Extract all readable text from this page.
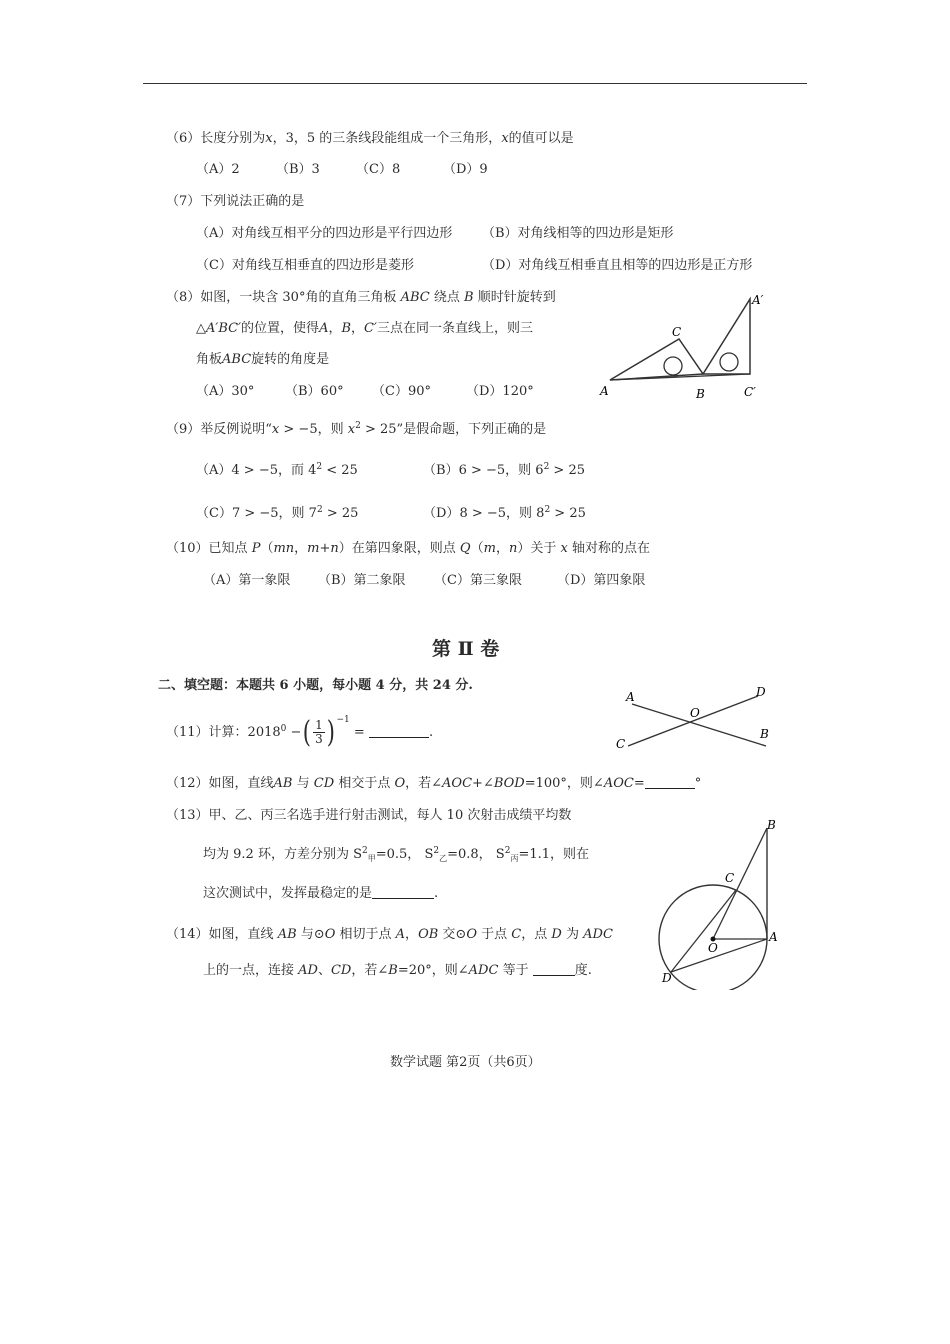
（6）长度分别为x，3，5 的三条线段能组成一个三角形，x的值可以是
（A）2	（B）3	（C）8	（D）9
（7）下列说法正确的是
（A）对角线互相平分的四边形是平行四边形 （B）对角线相等的四边形是矩形
（C）对角线互相垂直的四边形是菱形	（D）对角线互相垂直且相等的四边形是正方形
（8）如图，一块含 30°角的直角三角板 ABC 绕点 B 顺时针旋转到
△A′BC′的位置，使得A，B，C′三点在同一条直线上，则三
角板ABC旋转的角度是
（A）30° （B）60° （C）90°	（D）120°	A
C
B	C′
A′
（9）举反例说明“x > −5，则 $x^2 > 25$”是假命题，下列正确的是
（A）4 > −5，而 $4^2 < 25$	（B）6 > −5，则 $6^2 > 25$
（C）7 > −5，则 $7^2 > 25$	（D）8 > −5，则 $8^2 > 25$
（10）已知点 P（mn，m+n）在第四象限，则点 Q（m，n）关于 x 轴对称的点在
（A）第一象限 （B）第二象限 （C）第三象限	（D）第四象限
第 Ⅱ 卷
二、填空题：本题共 6 小题，每小题 4 分，共 24 分.
（11）计算：$2018^0$ −( $\frac{1}{3}$ ) $^{-1}$ =	.
A	D
O
C
B
（12）如图，直线AB 与 CD 相交于点 O，若∠AOC+∠BOD=100°，则∠AOC=	°
（13）甲、乙、丙三名选手进行射击测试，每人 10 次射击成绩平均数
均为 9.2 环，方差分别为 $S^2_甲=0.5$， $S^2_乙=0.8$， $S^2_丙=1.1$，则在
这次测试中，发挥最稳定的是	.
（14）如图，直线 AB 与⊙O 相切于点 A，OB 交⊙O 于点 C，点 D 为 ADC
上的一点，连接 AD、CD，若∠B=20°，则∠ADC 等于	度.
B
C
A
O
D
数学试题 第2页（共6页）
